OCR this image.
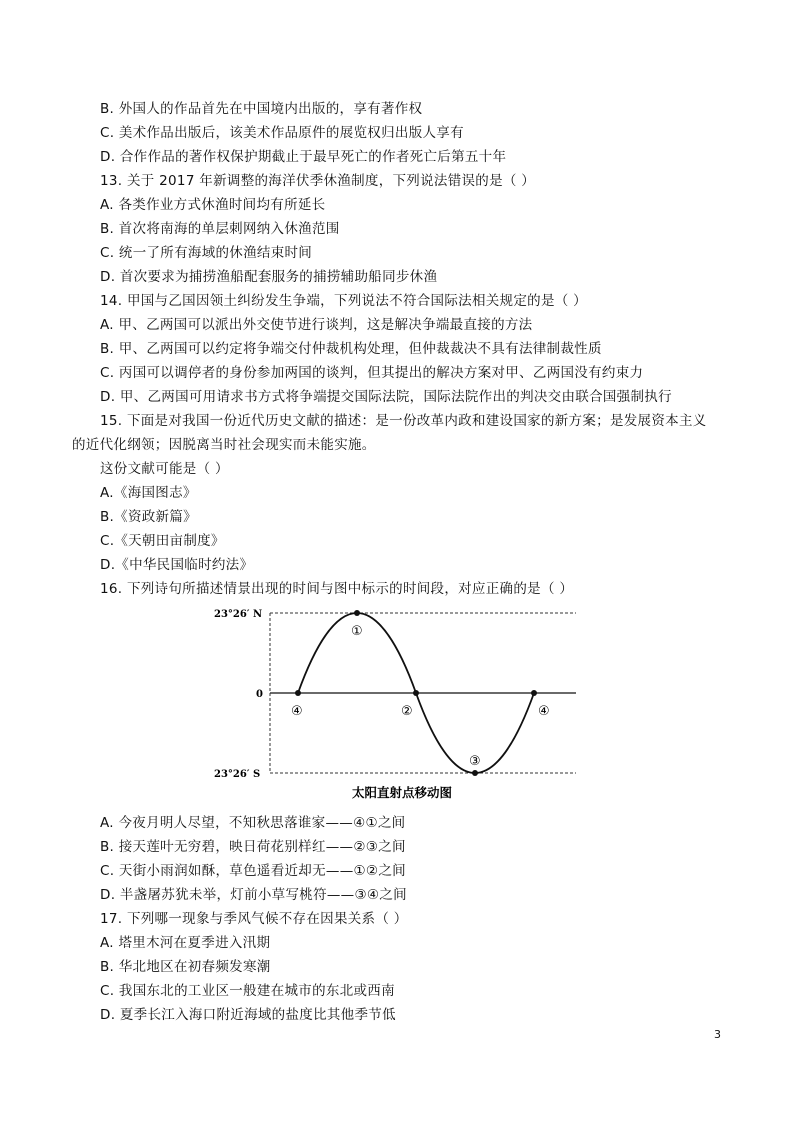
B. 外国人的作品首先在中国境内出版的，享有著作权
C. 美术作品出版后，该美术作品原件的展览权归出版人享有
D. 合作作品的著作权保护期截止于最早死亡的作者死亡后第五十年
13. 关于 2017 年新调整的海洋伏季休渔制度，下列说法错误的是（ ）
A. 各类作业方式休渔时间均有所延长
B. 首次将南海的单层刺网纳入休渔范围
C. 统一了所有海域的休渔结束时间
D. 首次要求为捕捞渔船配套服务的捕捞辅助船同步休渔
14. 甲国与乙国因领土纠纷发生争端，下列说法不符合国际法相关规定的是（ ）
A. 甲、乙两国可以派出外交使节进行谈判，这是解决争端最直接的方法
B. 甲、乙两国可以约定将争端交付仲裁机构处理，但仲裁裁决不具有法律制裁性质
C. 丙国可以调停者的身份参加两国的谈判，但其提出的解决方案对甲、乙两国没有约束力
D. 甲、乙两国可用请求书方式将争端提交国际法院，国际法院作出的判决交由联合国强制执行
15. 下面是对我国一份近代历史文献的描述：是一份改革内政和建设国家的新方案；是发展资本主义
的近代化纲领；因脱离当时社会现实而未能实施。
这份文献可能是（ ）
A.《海国图志》
B.《资政新篇》
C.《天朝田亩制度》
D.《中华民国临时约法》
16. 下列诗句所描述情景出现的时间与图中标示的时间段，对应正确的是（ ）
23°26′ N
0
23°26′ S
①
②
③
④	④
太阳直射点移动图
A. 今夜月明人尽望，不知秋思落谁家——④①之间
B. 接天莲叶无穷碧，映日荷花别样红——②③之间
C. 天街小雨润如酥，草色遥看近却无——①②之间
D. 半盏屠苏犹未举，灯前小草写桃符——③④之间
17. 下列哪一现象与季风气候不存在因果关系（ ）
A. 塔里木河在夏季进入汛期
B. 华北地区在初春频发寒潮
C. 我国东北的工业区一般建在城市的东北或西南
D. 夏季长江入海口附近海域的盐度比其他季节低
3
